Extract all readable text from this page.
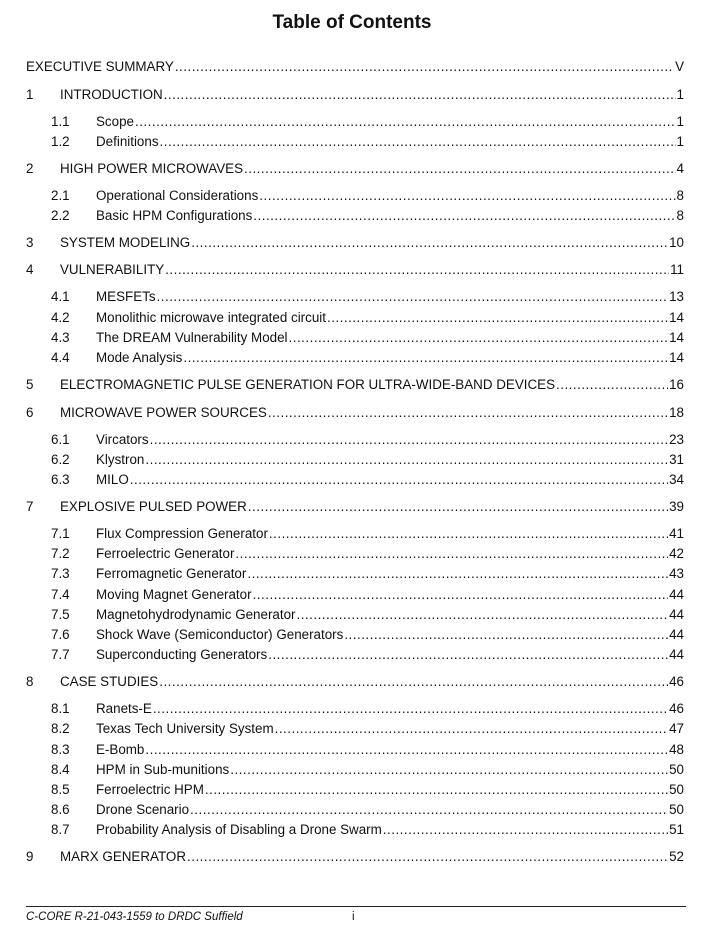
Table of Contents
EXECUTIVE SUMMARY .....	V
1 INTRODUCTION .....	1
1.1 Scope .....	1
1.2 Definitions .....	1
2 HIGH POWER MICROWAVES .....	4
2.1 Operational Considerations .....	8
2.2 Basic HPM Configurations .....	8
3 SYSTEM MODELING .....	10
4 VULNERABILITY .....	11
4.1 MESFETs .....	13
4.2 Monolithic microwave integrated circuit .....	14
4.3 The DREAM Vulnerability Model .....	14
4.4 Mode Analysis .....	14
5 ELECTROMAGNETIC PULSE GENERATION FOR ULTRA-WIDE-BAND DEVICES .....	16
6 MICROWAVE POWER SOURCES .....	18
6.1 Vircators .....	23
6.2 Klystron .....	31
6.3 MILO .....	34
7 EXPLOSIVE PULSED POWER .....	39
7.1 Flux Compression Generator .....	41
7.2 Ferroelectric Generator .....	42
7.3 Ferromagnetic Generator .....	43
7.4 Moving Magnet Generator .....	44
7.5 Magnetohydrodynamic Generator .....	44
7.6 Shock Wave (Semiconductor) Generators .....	44
7.7 Superconducting Generators .....	44
8 CASE STUDIES .....	46
8.1 Ranets-E .....	46
8.2 Texas Tech University System .....	47
8.3 E-Bomb .....	48
8.4 HPM in Sub-munitions .....	50
8.5 Ferroelectric HPM .....	50
8.6 Drone Scenario .....	50
8.7 Probability Analysis of Disabling a Drone Swarm .....	51
9 MARX GENERATOR .....	52
C-CORE R-21-043-1559 to DRDC Suffield	i
